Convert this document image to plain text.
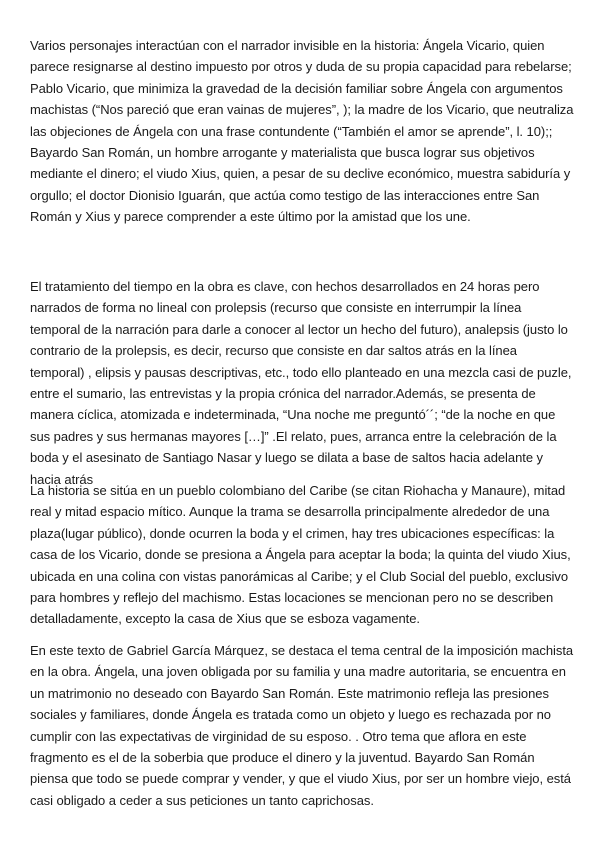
Varios personajes interactúan con el narrador invisible en la historia: Ángela Vicario, quien parece resignarse al destino impuesto por otros y duda de su propia capacidad para rebelarse; Pablo Vicario, que minimiza la gravedad de la decisión familiar sobre Ángela con argumentos machistas (“Nos pareció que eran vainas de mujeres”, ); la madre de los Vicario, que neutraliza las objeciones de Ángela con una frase contundente (“También el amor se aprende”, l. 10);; Bayardo San Román, un hombre arrogante y materialista que busca lograr sus objetivos mediante el dinero; el viudo Xius, quien, a pesar de su declive económico, muestra sabiduría y orgullo; el doctor Dionisio Iguarán, que actúa como testigo de las interacciones entre San Román y Xius y parece comprender a este último por la amistad que los une.

El tratamiento del tiempo en la obra es clave, con hechos desarrollados en 24 horas pero narrados de forma no lineal con prolepsis (recurso que consiste en interrumpir la línea temporal de la narración para darle a conocer al lector un hecho del futuro), analepsis (justo lo contrario de la prolepsis, es decir, recurso que consiste en dar saltos atrás en la línea temporal) , elipsis y pausas descriptivas, etc., todo ello planteado en una mezcla casi de puzle, entre el sumario, las entrevistas y la propia crónica del narrador.Además, se presenta de manera cíclica, atomizada e indeterminada, “Una noche me preguntó´´; “de la noche en que sus padres y sus hermanas mayores […]” .El relato, pues, arranca entre la celebración de la boda y el asesinato de Santiago Nasar y luego se dilata a base de saltos hacia adelante y hacia atrás

La historia se sitúa en un pueblo colombiano del Caribe (se citan Riohacha y Manaure), mitad real y mitad espacio mítico. Aunque la trama se desarrolla principalmente alrededor de una plaza(lugar público), donde ocurren la boda y el crimen, hay tres ubicaciones específicas: la casa de los Vicario, donde se presiona a Ángela para aceptar la boda; la quinta del viudo Xius, ubicada en una colina con vistas panorámicas al Caribe; y el Club Social del pueblo, exclusivo para hombres y reflejo del machismo. Estas locaciones se mencionan pero no se describen detalladamente, excepto la casa de Xius que se esboza vagamente.

En este texto de Gabriel García Márquez, se destaca el tema central de la imposición machista en la obra. Ángela, una joven obligada por su familia y una madre autoritaria, se encuentra en un matrimonio no deseado con Bayardo San Román. Este matrimonio refleja las presiones sociales y familiares, donde Ángela es tratada como un objeto y luego es rechazada por no cumplir con las expectativas de virginidad de su esposo. . Otro tema que aflora en este fragmento es el de la soberbia que produce el dinero y la juventud. Bayardo San Román piensa que todo se puede comprar y vender, y que el viudo Xius, por ser un hombre viejo, está casi obligado a ceder a sus peticiones un tanto caprichosas.
